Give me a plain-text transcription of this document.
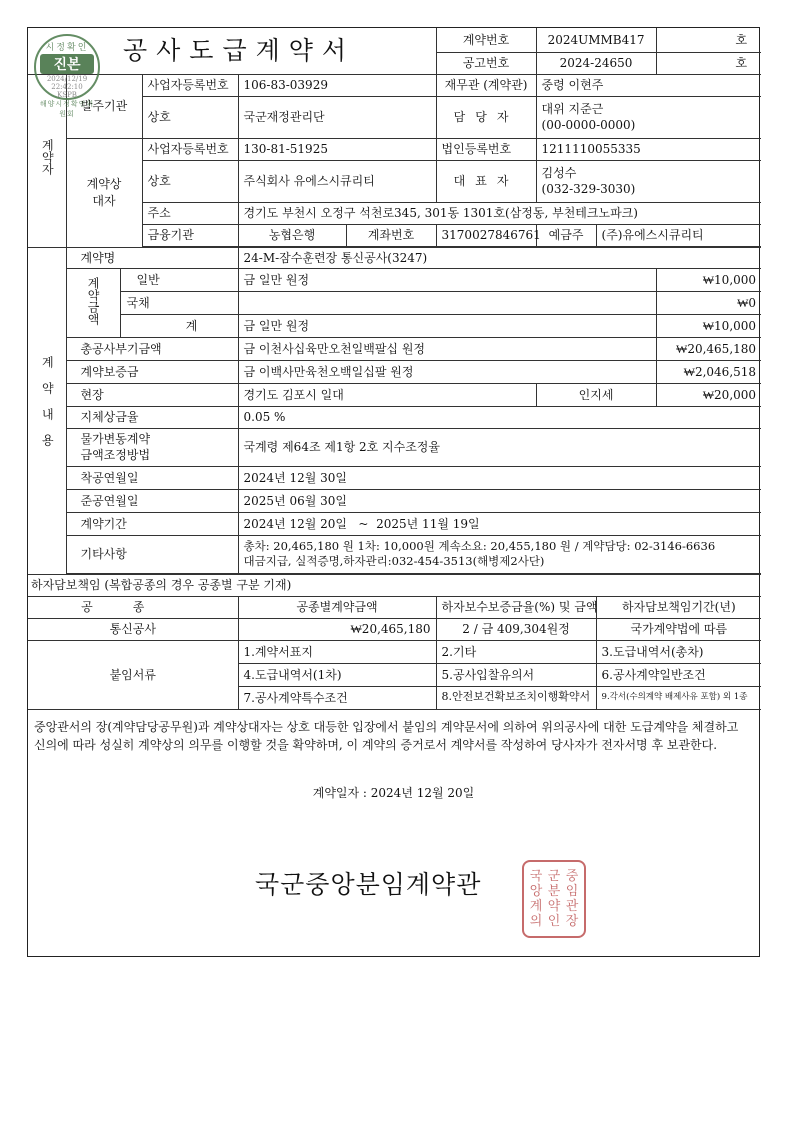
공사도급계약서						계약번호	2024UMMB417		호
						공고번호	2024-24650		호
계약자	발주기관		사업자등록번호	106-83-03929		재무관 (계약관)	중령 이현주		
			상호	국군재정관리단		담당자	대위 지준근
(00-0000-0000)		

	계약상대자		사업자등록번호	130-81-51925		법인등록번호	1211110055335		
			상호	주식회사 유에스시큐리티		대표자	김성수
(032-329-3030)		

			주소	경기도 부천시 오정구 석천로345, 301동 1301호(삼정동, 부천테크노파크)					
			금융기관	농협은행	계좌번호	3170027846761	예금주	(주)유에스시큐리티	

계약내용	계약명			24-M-잠수훈련장 통신공사(3247)					
	계약금액	일반		금 일만 원정					₩10,000
		국채							₩0
		계		금 일만 원정					₩10,000
	총공사부기금액			금 이천사십육만오천일백팔십 원정					₩20,465,180
	계약보증금			금 이백사만육천오백일십팔 원정					₩2,046,518
	현장			경기도 김포시 일대			인지세		₩20,000
	지체상금율			0.05 %					
	물가변동계약금액조정방법			국계령 제64조 제1항 2호 지수조정율					
	착공연월일			2024년 12월 30일					
	준공연월일			2025년 06월 30일					
	계약기간			2024년 12월 20일   ~  2025년 11월 19일					
	기타사항			총차: 20,465,180 원 1차: 10,000원 계속소요: 20,455,180 원 / 계약담당: 02-3146-6636
대금지급, 실적증명,하자관리:032-454-3513(해병제2사단)					

하자담보책임 (복합공종의 경우 공종별 구분 기재)									
공종				공종별계약금액		하자보수보증금율(%) 및 금액		하자담보책임기간(년)	
통신공사				₩20,465,180		2 / 금 409,304원정		국가계약법에 따름	
붙임서류				1.계약서표지		2.기타		3.도급내역서(총차)	
				4.도급내역서(1차)		5.공사입찰유의서		6.공사계약일반조건	
				7.공사계약특수조건		8.안전보건확보조치이행확약서		9.각서(수의계약 배제사유 포함) 외 1종	
중앙관서의 장(계약담당공무원)과 계약상대자는 상호 대등한 입장에서 붙임의 계약문서에 의하여 위의공사에 대한 도급계약을 체결하고 신의에 따라 성실히 계약상의 의무를 이행할 것을 확약하며, 이 계약의 증거로서 계약서를 작성하여 당사자가 전자서명 후 보관한다.
계약일자 : 2024년 12월 20일
국군중앙분임계약관	국 군 중
앙 분 임
계 약 관
의 인 장
시정확인
진본
2024/12/19
22:42:10
KSPB
해양시정확인위원회
